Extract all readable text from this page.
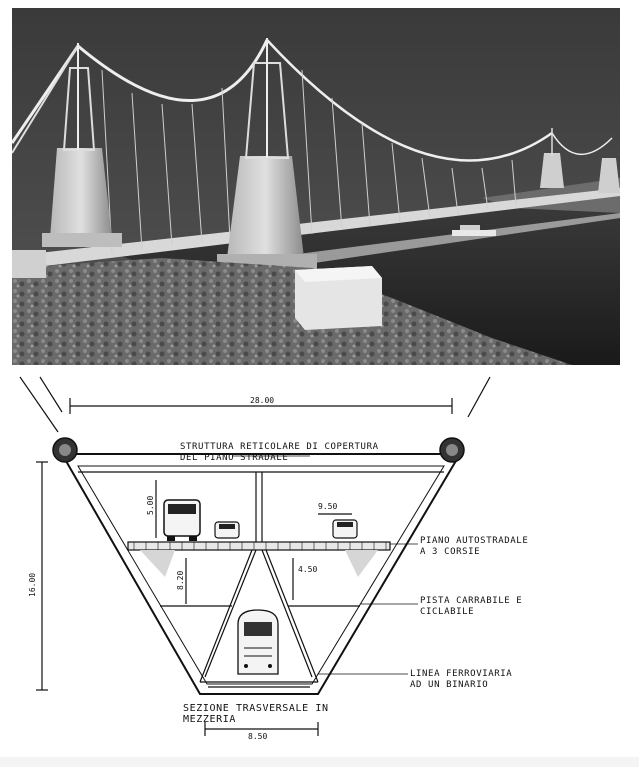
28.00
16.00
5.00	9.50
8.20
4.50
8.50
STRUTTURA RETICOLARE DI COPERTURA
DEL PIANO STRADALE
PIANO AUTOSTRADALE
A 3 CORSIE
PISTA CARRABILE E
CICLABILE
LINEA FERROVIARIA
AD UN BINARIO
SEZIONE TRASVERSALE IN
MEZZERIA
